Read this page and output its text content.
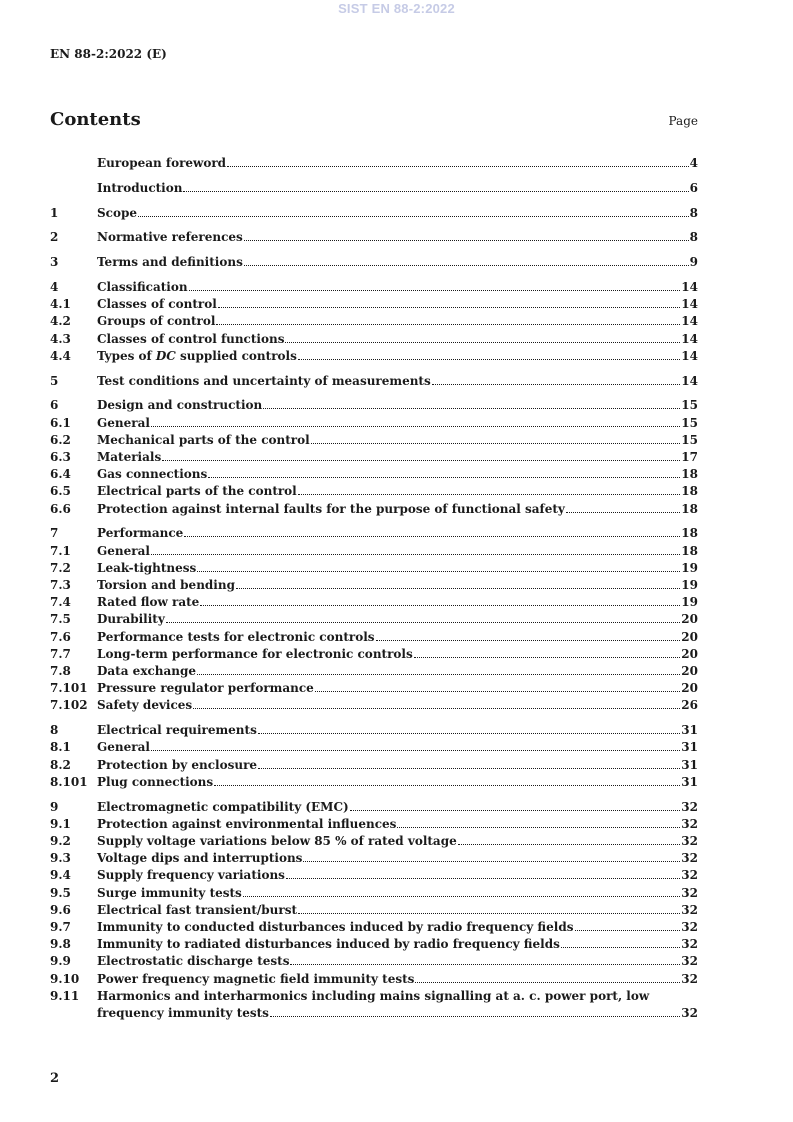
SIST EN 88-2:2022
EN 88-2:2022 (E)
Contents	Page
European foreword	4
Introduction	6
1	Scope	8
2	Normative references	8
3	Terms and definitions	9
4	Classification	14
4.1	Classes of control	14
4.2	Groups of control	14
4.3	Classes of control functions	14
4.4	Types of DC supplied controls	14
5	Test conditions and uncertainty of measurements	14
6	Design and construction	15
6.1	General	15
6.2	Mechanical parts of the control	15
6.3	Materials	17
6.4	Gas connections	18
6.5	Electrical parts of the control	18
6.6	Protection against internal faults for the purpose of functional safety	18
7	Performance	18
7.1	General	18
7.2	Leak-tightness	19
7.3	Torsion and bending	19
7.4	Rated flow rate	19
7.5	Durability	20
7.6	Performance tests for electronic controls	20
7.7	Long-term performance for electronic controls	20
7.8	Data exchange	20
7.101 Pressure regulator performance	20
7.102 Safety devices	26
8	Electrical requirements	31
8.1	General	31
8.2	Protection by enclosure	31
8.101 Plug connections	31
9	Electromagnetic compatibility (EMC)	32
9.1	Protection against environmental influences	32
9.2	Supply voltage variations below 85 % of rated voltage	32
9.3	Voltage dips and interruptions	32
9.4	Supply frequency variations	32
9.5	Surge immunity tests	32
9.6	Electrical fast transient/burst	32
9.7	Immunity to conducted disturbances induced by radio frequency fields	32
9.8	Immunity to radiated disturbances induced by radio frequency fields	32
9.9	Electrostatic discharge tests	32
9.10	Power frequency magnetic field immunity tests	32
9.11	Harmonics and interharmonics including mains signalling at a. c. power port, low
frequency immunity tests	32
2
